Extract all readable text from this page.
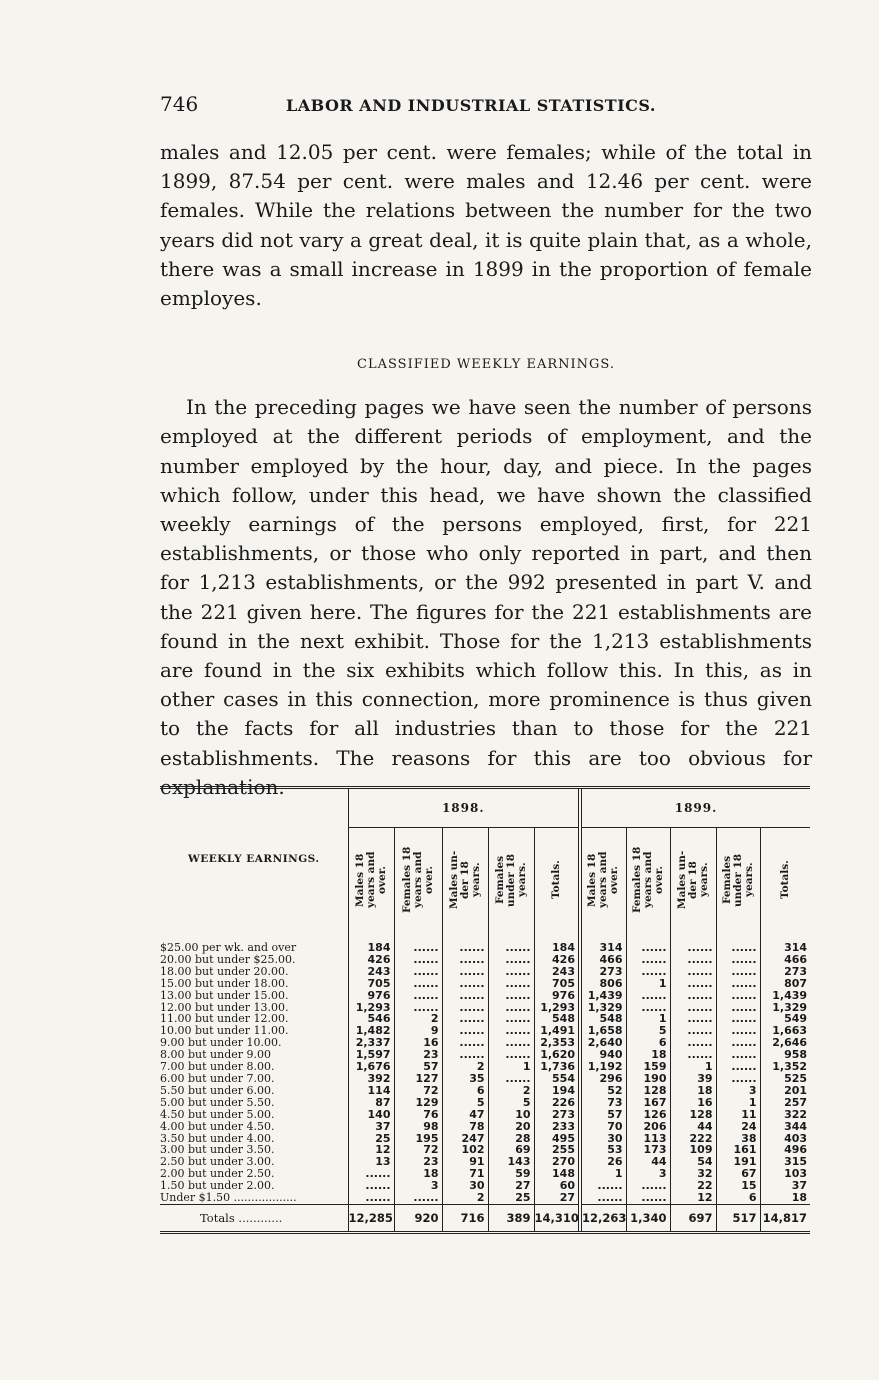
746	LABOR AND INDUSTRIAL STATISTICS.

males and 12.05 per cent. were females; while of the total in 1899, 87.54 per cent. were males and 12.46 per cent. were females. While the relations between the number for the two years did not vary a great deal, it is quite plain that, as a whole, there was a small increase in 1899 in the proportion of female employes.

CLASSIFIED WEEKLY EARNINGS.

In the preceding pages we have seen the number of persons employed at the different periods of employment, and the number employed by the hour, day, and piece. In the pages which follow, under this head, we have shown the classified weekly earnings of the persons employed, first, for 221 establishments, or those who only reported in part, and then for 1,213 establishments, or the 992 presented in part V. and the 221 given here. The figures for the 221 establishments are found in the next exhibit. Those for the 1,213 establishments are found in the six exhibits which follow this. In this, as in other cases in this connection, more prominence is thus given to the facts for all industries than to those for the 221 establishments. The reasons for this are too obvious for explanation.

WEEKLY EARNINGS.	1898.					1899.				

	Males 18
years and
over.	Females 18
years and
over.	Males un-
der 18
years.	Females
under 18
years.	Totals.	Males 18
years and
over.	Females 18
years and
over.	Males un-
der 18
years.	Females
under 18
years.	Totals.

$25.00 per wk. and over	184	......	......	......	184	314	......	......	......	314
20.00 but under $25.00.	426	......	......	......	426	466	......	......	......	466
18.00 but under 20.00.	243	......	......	......	243	273	......	......	......	273
15.00 but under 18.00.	705	......	......	......	705	806	1	......	......	807
13.00 but under 15.00.	976	......	......	......	976	1,439	......	......	......	1,439
12.00 but under 13.00.	1,293	......	......	......	1,293	1,329	......	......	......	1,329
11.00 but under 12.00.	546	2	......	......	548	548	1	......	......	549
10.00 but under 11.00.	1,482	9	......	......	1,491	1,658	5	......	......	1,663
9.00 but under 10.00.	2,337	16	......	......	2,353	2,640	6	......	......	2,646
8.00 but under 9.00	1,597	23	......	......	1,620	940	18	......	......	958
7.00 but under 8.00.	1,676	57	2	1	1,736	1,192	159	1	......	1,352
6.00 but under 7.00.	392	127	35	......	554	296	190	39	......	525
5.50 but under 6.00.	114	72	6	2	194	52	128	18	3	201
5.00 but under 5.50.	87	129	5	5	226	73	167	16	1	257
4.50 but under 5.00.	140	76	47	10	273	57	126	128	11	322
4.00 but under 4.50.	37	98	78	20	233	70	206	44	24	344
3.50 but under 4.00.	25	195	247	28	495	30	113	222	38	403
3.00 but under 3.50.	12	72	102	69	255	53	173	109	161	496
2.50 but under 3.00.	13	23	91	143	270	26	44	54	191	315
2.00 but under 2.50.	......	18	71	59	148	1	3	32	67	103
1.50 but under 2.00.	......	3	30	27	60	......	......	22	15	37
Under $1.50 ..................	......	......	2	25	27	......	......	12	6	18
Totals ............	12,285	920	716	389	14,310	12,263	1,340	697	517	14,817
